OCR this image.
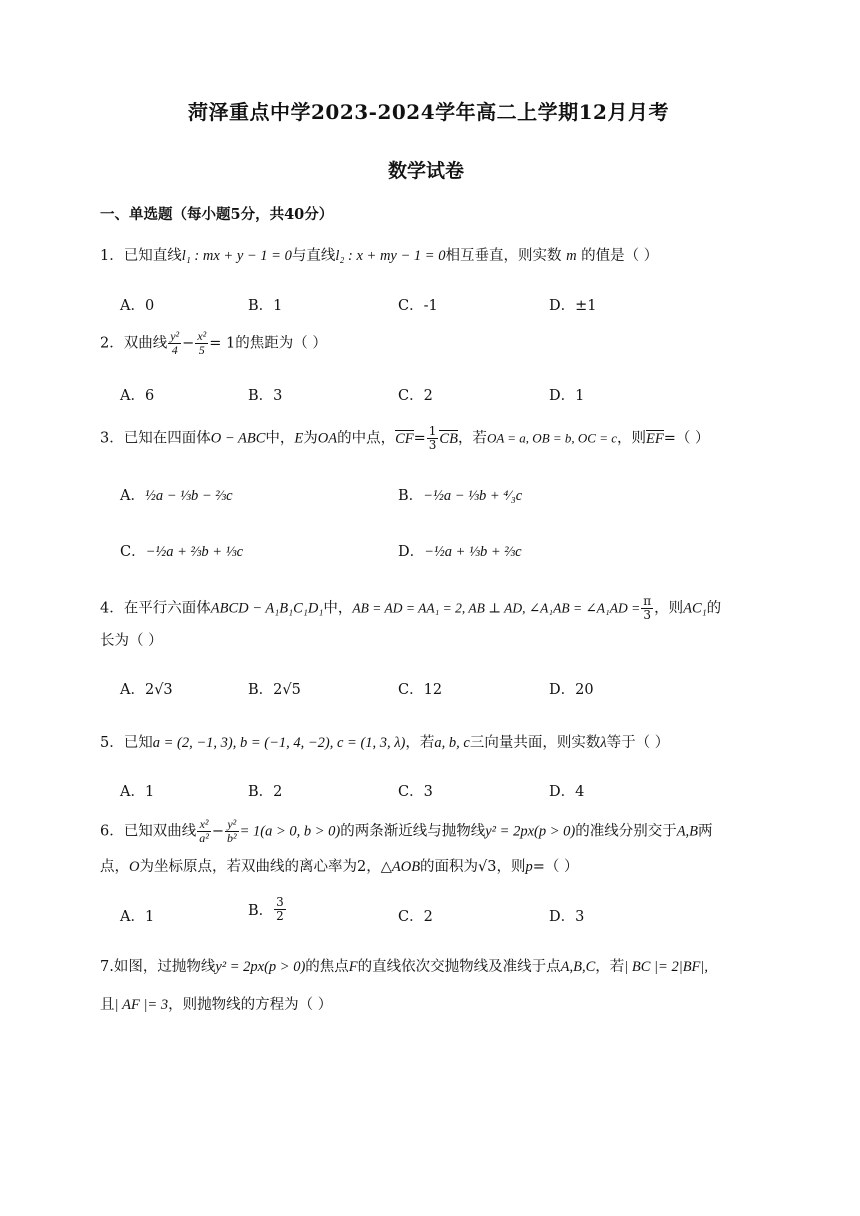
菏泽重点中学2023-2024学年高二上学期12月月考
数学试卷
一、单选题（每小题5分，共40分）
1．已知直线l₁ : mx + y − 1 = 0与直线l₂ : x + my − 1 = 0相互垂直，则实数 m 的值是（ ）
A．0	B．1	C．-1	D．±1
2．双曲线 $\frac{\text{y²}}{4} - \frac{\text{x²}}{5} = 1$的焦距为（ ）
A．6	B．3	C．2	D．1
3．已知在四面体O − ABC中，E为OA的中点，$CF= \frac{1}{3}$ CB，若OA = a, OB = b, OC = c，则EF=（ ）
A．½a − ⅓b − ⅔c	B．−½a − ⅓b + ⁴⁄₃c
C．−½a + ⅔b + ⅓c	D．−½a + ⅓b + ⅔c
4．在平行六面体ABCD − A₁B₁C₁D₁中，AB = AD = AA₁ = 2, AB ⊥ AD, ∠A₁AB = ∠A₁AD = $\frac{\pi}{3}$ ，则AC₁的
长为（ ）
A．2√3	B．2√5	C．12	D．20
5．已知a = (2, −1, 3), b = (−1, 4, −2), c = (1, 3, λ)，若a, b, c三向量共面，则实数λ等于（ ）
A．1	B．2	C．3	D．4
6．已知双曲线 $\frac{\text{x²}}{\text{a²}} - \frac{\text{y²}}{\text{b²}} = 1(a > 0$, b > 0)的两条渐近线与抛物线y² = 2px(p > 0)的准线分别交于A,B两
点，O为坐标原点，若双曲线的离心率为2，△AOB的面积为√3，则p=（ ）
A．1	B． $\frac{3}{2}$	C．2	D．3
7.如图，过抛物线y² = 2px(p > 0)的焦点F的直线依次交抛物线及准线于点A,B,C，若| BC |= 2|BF|,
且| AF |= 3，则抛物线的方程为（ ）
